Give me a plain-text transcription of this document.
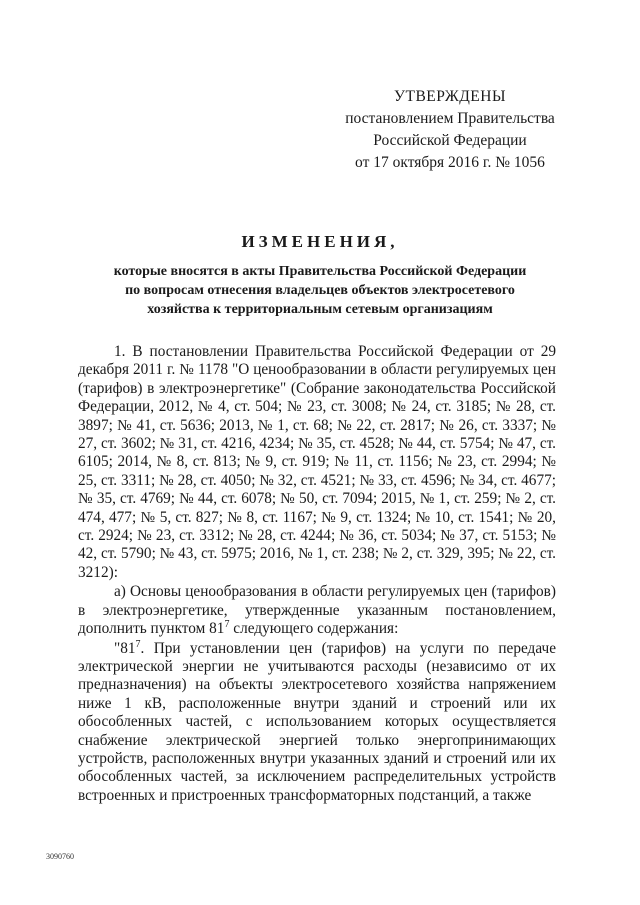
УТВЕРЖДЕНЫ
постановлением Правительства
Российской Федерации
от 17 октября 2016 г. № 1056
ИЗМЕНЕНИЯ,
которые вносятся в акты Правительства Российской Федерации
по вопросам отнесения владельцев объектов электросетевого
хозяйства к территориальным сетевым организациям

1. В постановлении Правительства Российской Федерации от 29 декабря 2011 г. № 1178 "О ценообразовании в области регулируемых цен (тарифов) в электроэнергетике" (Собрание законодательства Российской Федерации, 2012, № 4, ст. 504; № 23, ст. 3008; № 24, ст. 3185; № 28, ст. 3897; № 41, ст. 5636; 2013, № 1, ст. 68; № 22, ст. 2817; № 26, ст. 3337; № 27, ст. 3602; № 31, ст. 4216, 4234; № 35, ст. 4528; № 44, ст. 5754; № 47, ст. 6105; 2014, № 8, ст. 813; № 9, ст. 919; № 11, ст. 1156; № 23, ст. 2994; № 25, ст. 3311; № 28, ст. 4050; № 32, ст. 4521; № 33, ст. 4596; № 34, ст. 4677; № 35, ст. 4769; № 44, ст. 6078; № 50, ст. 7094; 2015, № 1, ст. 259; № 2, ст. 474, 477; № 5, ст. 827; № 8, ст. 1167; № 9, ст. 1324; № 10, ст. 1541; № 20, ст. 2924; № 23, ст. 3312; № 28, ст. 4244; № 36, ст. 5034; № 37, ст. 5153; № 42, ст. 5790; № 43, ст. 5975; 2016, № 1, ст. 238; № 2, ст. 329, 395; № 22, ст. 3212):

а) Основы ценообразования в области регулируемых цен (тарифов) в электроэнергетике, утвержденные указанным постановлением, дополнить пунктом $81^7$ следующего содержания:

"$81^7$. При установлении цен (тарифов) на услуги по передаче электрической энергии не учитываются расходы (независимо от их предназначения) на объекты электросетевого хозяйства напряжением ниже 1 кВ, расположенные внутри зданий и строений или их обособленных частей, с использованием которых осуществляется снабжение электрической энергией только энергопринимающих устройств, расположенных внутри указанных зданий и строений или их обособленных частей, за исключением распределительных устройств встроенных и пристроенных трансформаторных подстанций, а также

3090760
